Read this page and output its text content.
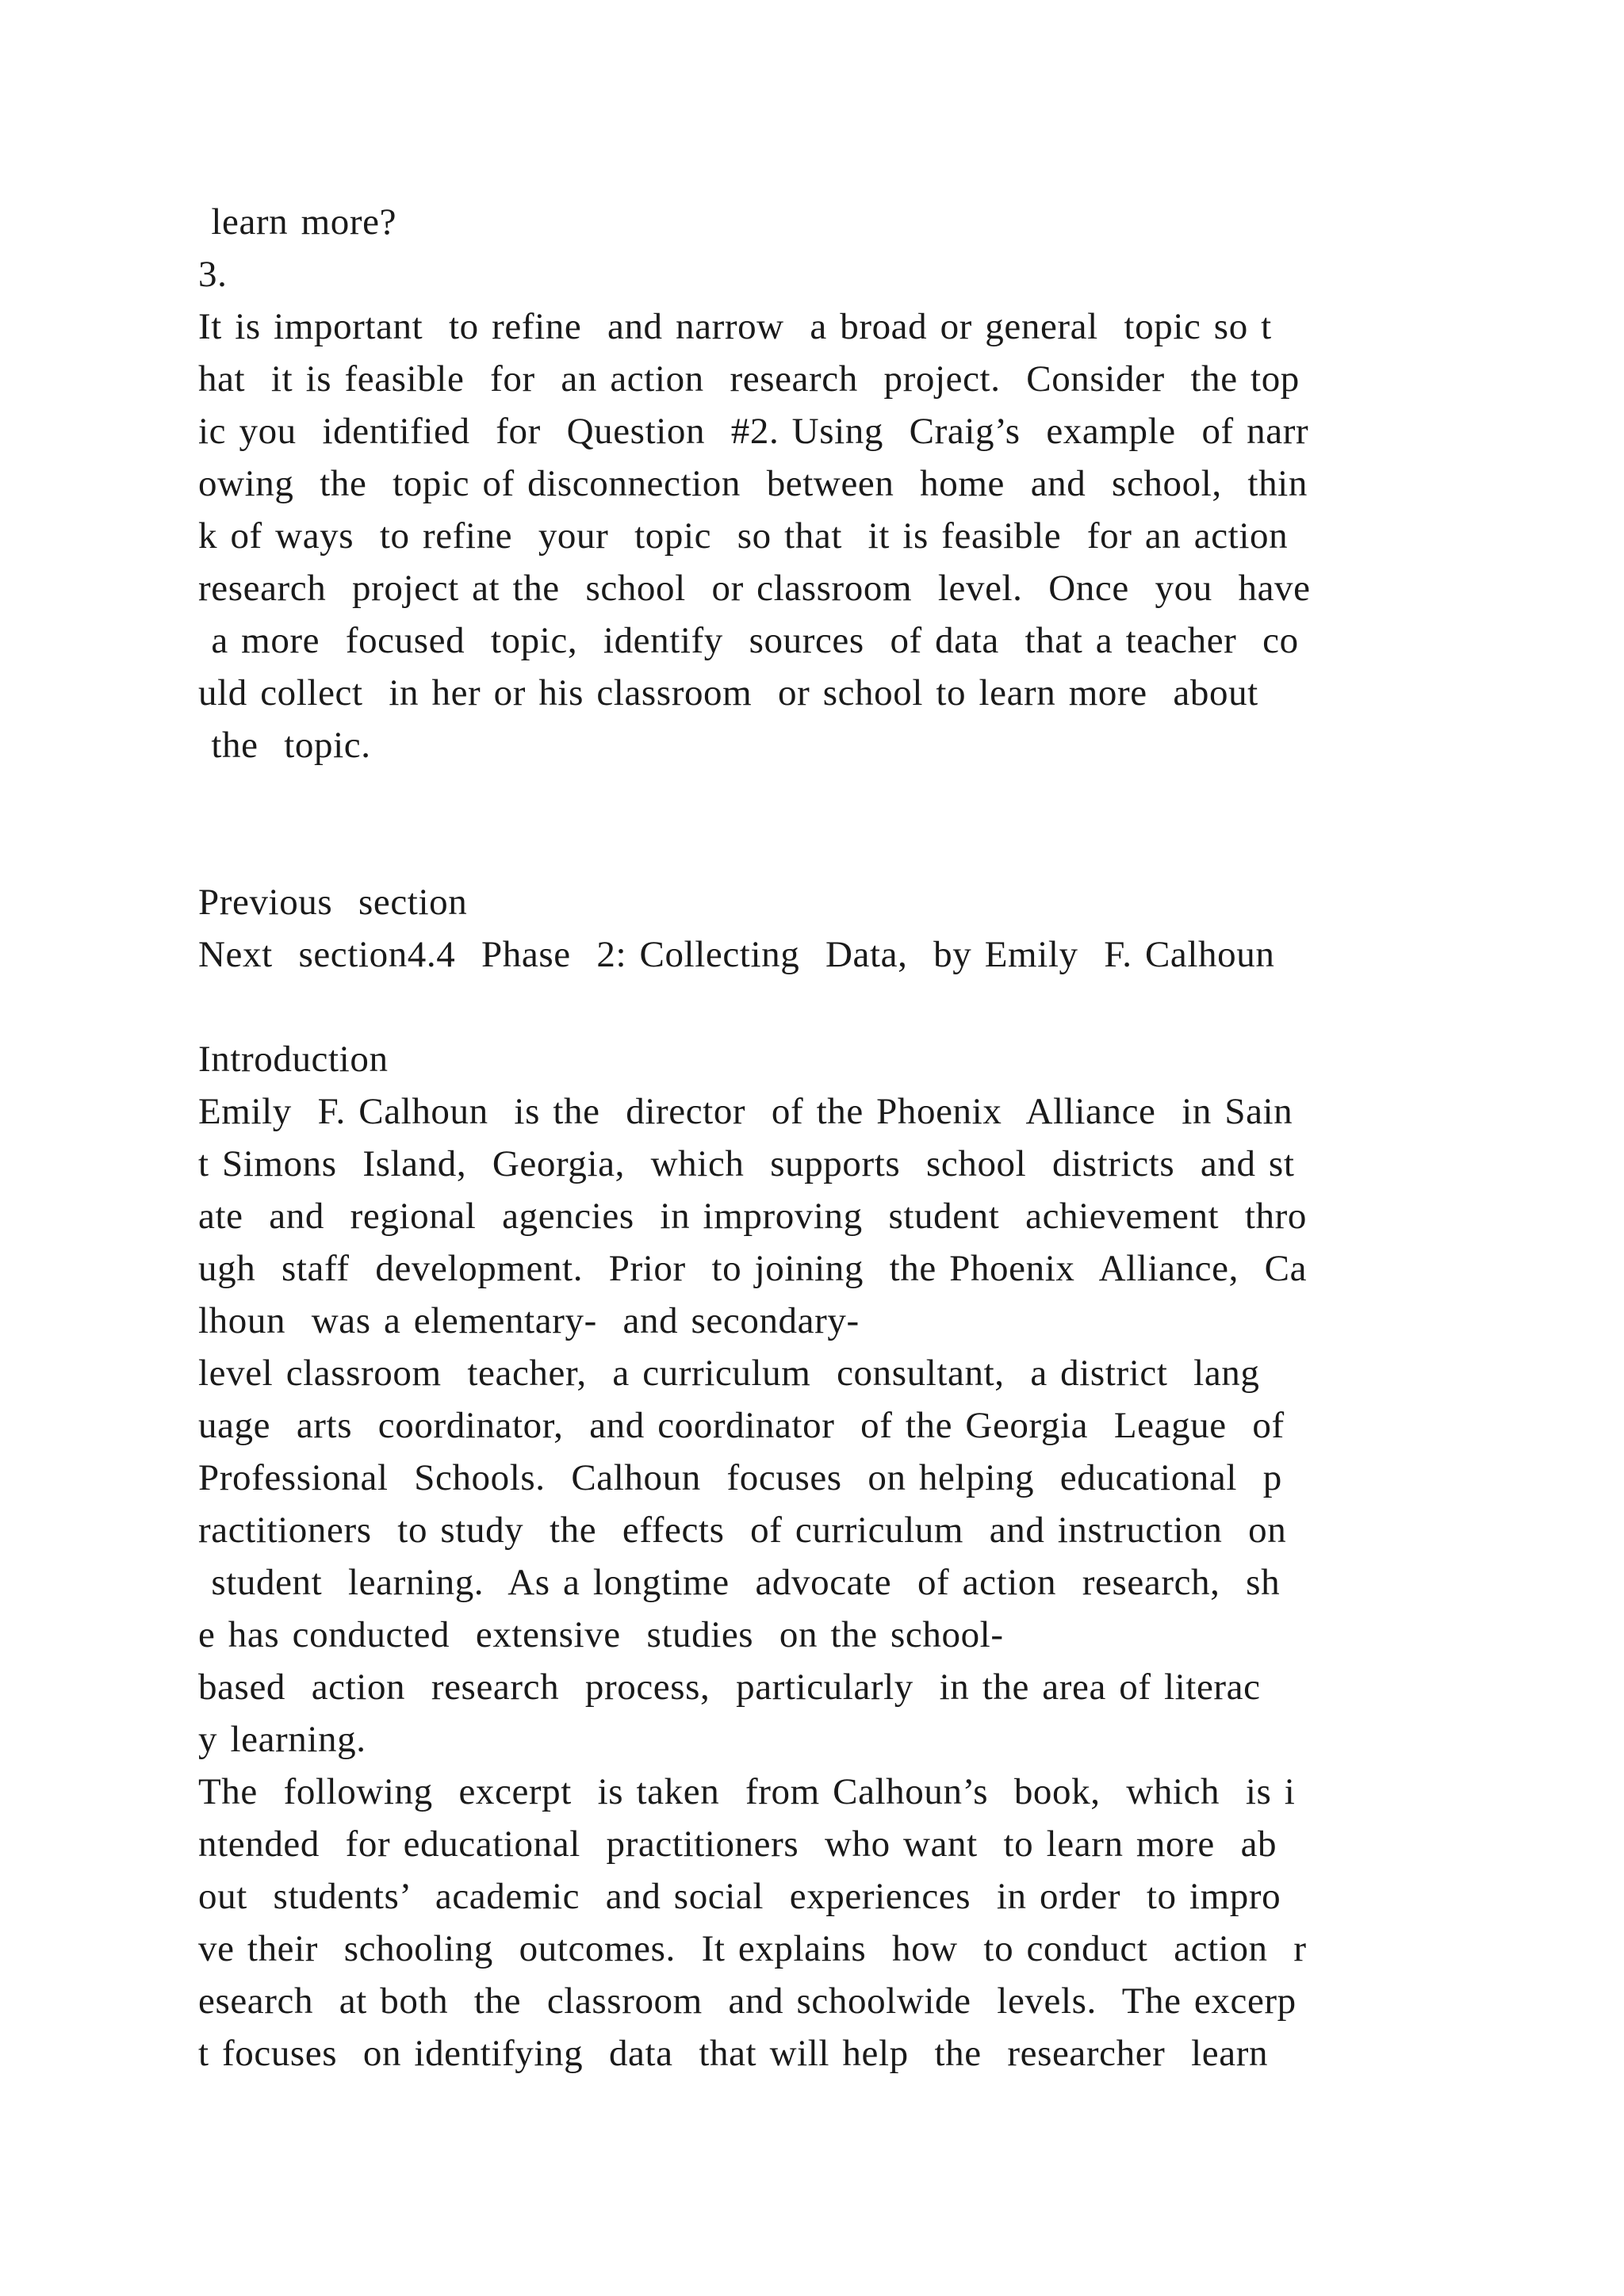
learn more?
3.
It is important  to refine  and narrow  a broad or general  topic so t
hat  it is feasible  for  an action  research  project.  Consider  the top
ic you  identified  for  Question  #2. Using  Craig’s  example  of narr
owing  the  topic of disconnection  between  home  and  school,  thin
k of ways  to refine  your  topic  so that  it is feasible  for an action
research  project at the  school  or classroom  level.  Once  you  have
a more  focused  topic,  identify  sources  of data  that a teacher  co
uld collect  in her or his classroom  or school to learn more  about
the  topic.
Previous  section
Next  section4.4  Phase  2: Collecting  Data,  by Emily  F. Calhoun
Introduction
Emily  F. Calhoun  is the  director  of the Phoenix  Alliance  in Sain
t Simons  Island,  Georgia,  which  supports  school  districts  and st
ate  and  regional  agencies  in improving  student  achievement  thro
ugh  staff  development.  Prior  to joining  the Phoenix  Alliance,  Ca
lhoun  was a elementary-  and secondary-
level classroom  teacher,  a curriculum  consultant,  a district  lang
uage  arts  coordinator,  and coordinator  of the Georgia  League  of
Professional  Schools.  Calhoun  focuses  on helping  educational  p
ractitioners  to study  the  effects  of curriculum  and instruction  on
student  learning.  As a longtime  advocate  of action  research,  sh
e has conducted  extensive  studies  on the school-
based  action  research  process,  particularly  in the area of literac
y learning.
The  following  excerpt  is taken  from Calhoun’s  book,  which  is i
ntended  for educational  practitioners  who want  to learn more  ab
out  students’  academic  and social  experiences  in order  to impro
ve their  schooling  outcomes.  It explains  how  to conduct  action  r
esearch  at both  the  classroom  and schoolwide  levels.  The excerp
t focuses  on identifying  data  that will help  the  researcher  learn
